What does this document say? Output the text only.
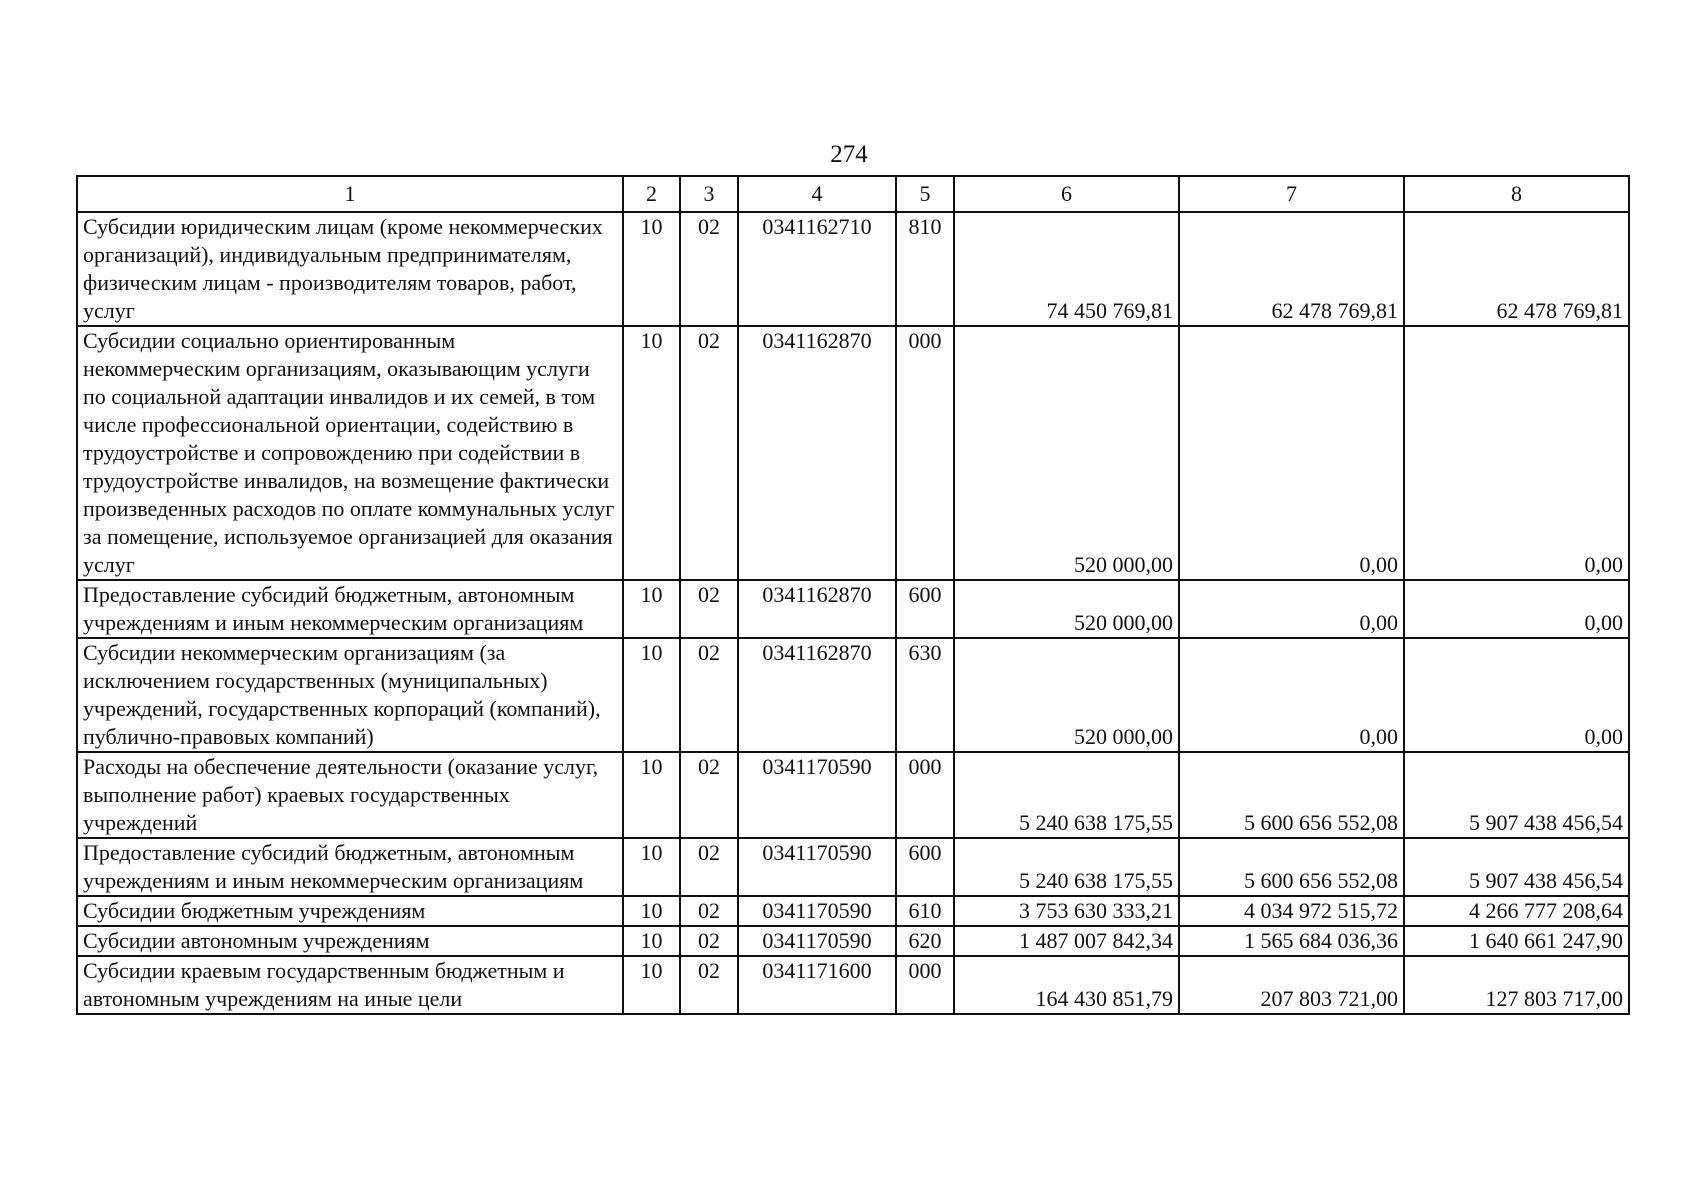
274
1	2	3	4	5	6	7	8
Субсидии юридическим лицам (кроме некоммерческих организаций), индивидуальным предпринимателям, физическим лицам - производителям товаров, работ, услуг	10	02	0341162710	810	74 450 769,81	62 478 769,81	62 478 769,81
Субсидии социально ориентированным некоммерческим организациям, оказывающим услуги по социальной адаптации инвалидов и их семей, в том числе профессиональной ориентации, содействию в трудоустройстве и сопровождению при содействии в трудоустройстве инвалидов, на возмещение фактически произведенных расходов по оплате коммунальных услуг за помещение, используемое организацией для оказания услуг	10	02	0341162870	000	520 000,00	0,00	0,00
Предоставление субсидий бюджетным, автономным учреждениям и иным некоммерческим организациям	10	02	0341162870	600	520 000,00	0,00	0,00
Субсидии некоммерческим организациям (за исключением государственных (муниципальных) учреждений, государственных корпораций (компаний), публично-правовых компаний)	10	02	0341162870	630	520 000,00	0,00	0,00
Расходы на обеспечение деятельности (оказание услуг, выполнение работ) краевых государственных учреждений	10	02	0341170590	000	5 240 638 175,55	5 600 656 552,08	5 907 438 456,54
Предоставление субсидий бюджетным, автономным учреждениям и иным некоммерческим организациям	10	02	0341170590	600	5 240 638 175,55	5 600 656 552,08	5 907 438 456,54
Субсидии бюджетным учреждениям	10	02	0341170590	610	3 753 630 333,21	4 034 972 515,72	4 266 777 208,64
Субсидии автономным учреждениям	10	02	0341170590	620	1 487 007 842,34	1 565 684 036,36	1 640 661 247,90
Субсидии краевым государственным бюджетным и автономным учреждениям на иные цели	10	02	0341171600	000	164 430 851,79	207 803 721,00	127 803 717,00
